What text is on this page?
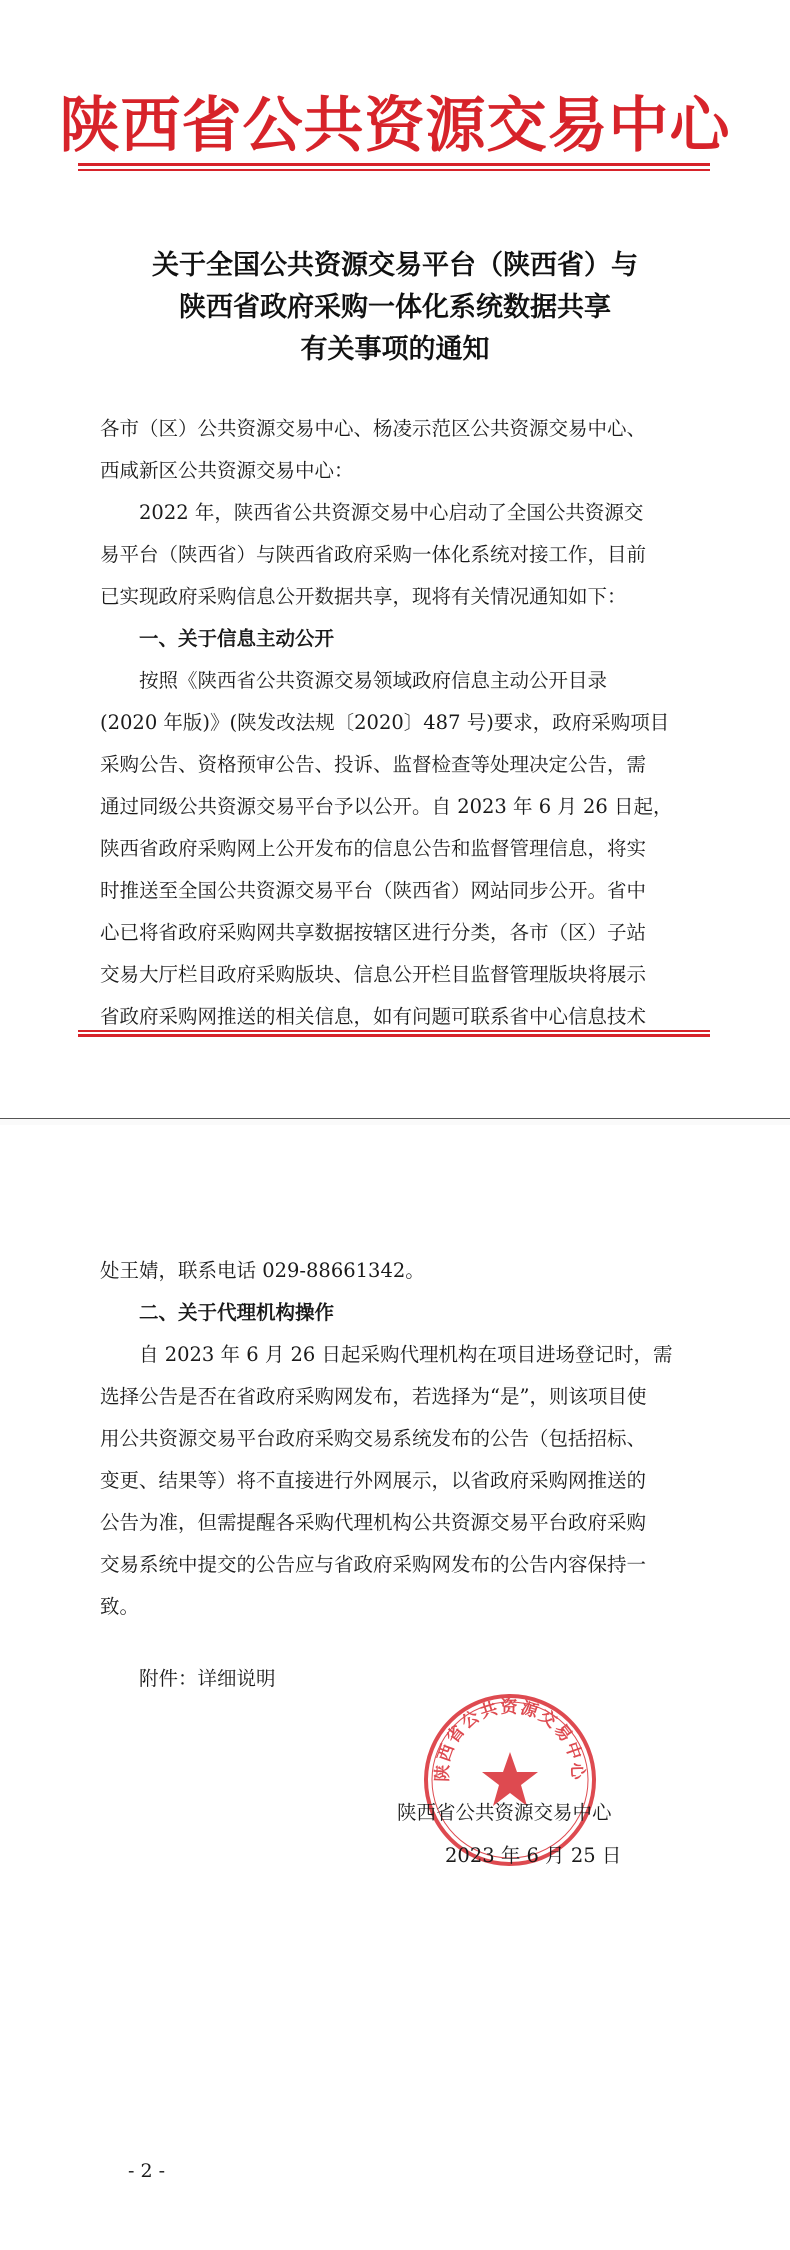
陕西省公共资源交易中心
关于全国公共资源交易平台（陕西省）与
陕西省政府采购一体化系统数据共享
有关事项的通知

各市（区）公共资源交易中心、杨凌示范区公共资源交易中心、

西咸新区公共资源交易中心：

2022 年，陕西省公共资源交易中心启动了全国公共资源交

易平台（陕西省）与陕西省政府采购一体化系统对接工作，目前

已实现政府采购信息公开数据共享，现将有关情况通知如下：

一、关于信息主动公开

按照《陕西省公共资源交易领域政府信息主动公开目录

(2020 年版)》(陕发改法规〔2020〕487 号)要求，政府采购项目

采购公告、资格预审公告、投诉、监督检查等处理决定公告，需

通过同级公共资源交易平台予以公开。自 2023 年 6 月 26 日起，

陕西省政府采购网上公开发布的信息公告和监督管理信息，将实

时推送至全国公共资源交易平台（陕西省）网站同步公开。省中

心已将省政府采购网共享数据按辖区进行分类，各市（区）子站

交易大厅栏目政府采购版块、信息公开栏目监督管理版块将展示

省政府采购网推送的相关信息，如有问题可联系省中心信息技术

处王婧，联系电话 029-88661342。

二、关于代理机构操作

自 2023 年 6 月 26 日起采购代理机构在项目进场登记时，需

选择公告是否在省政府采购网发布，若选择为“是”，则该项目使

用公共资源交易平台政府采购交易系统发布的公告（包括招标、

变更、结果等）将不直接进行外网展示，以省政府采购网推送的

公告为准，但需提醒各采购代理机构公共资源交易平台政府采购

交易系统中提交的公告应与省政府采购网发布的公告内容保持一

致。

附件：详细说明
陕西省公共资源交易中心
陕西省公共资源交易中心
2023 年 6 月 25 日
- 2 -
